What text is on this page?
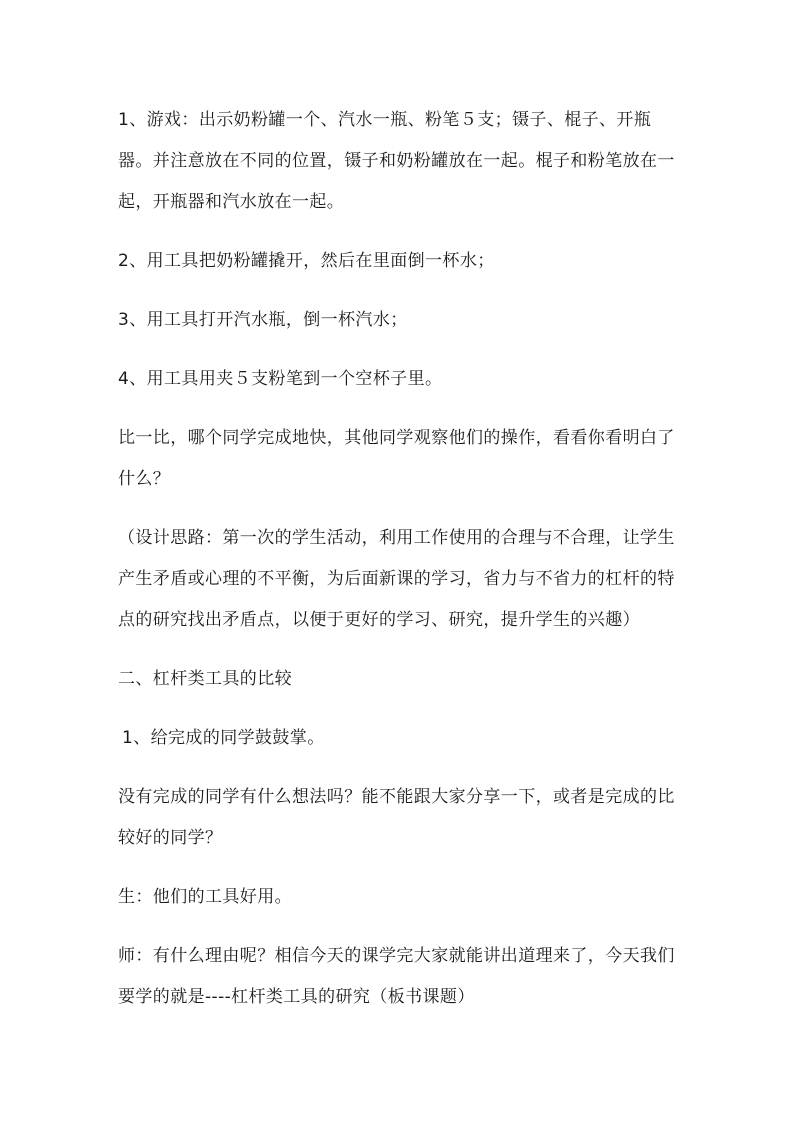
1、游戏：出示奶粉罐一个、汽水一瓶、粉笔５支；镊子、棍子、开瓶器。并注意放在不同的位置，镊子和奶粉罐放在一起。棍子和粉笔放在一起，开瓶器和汽水放在一起。

2、用工具把奶粉罐撬开，然后在里面倒一杯水；

3、用工具打开汽水瓶，倒一杯汽水；

4、用工具用夹５支粉笔到一个空杯子里。

比一比，哪个同学完成地快，其他同学观察他们的操作，看看你看明白了什么？

（设计思路：第一次的学生活动，利用工作使用的合理与不合理，让学生产生矛盾或心理的不平衡，为后面新课的学习，省力与不省力的杠杆的特点的研究找出矛盾点，以便于更好的学习、研究，提升学生的兴趣）

二、杠杆类工具的比较

1、给完成的同学鼓鼓掌。

没有完成的同学有什么想法吗？能不能跟大家分享一下，或者是完成的比较好的同学？

生：他们的工具好用。

师：有什么理由呢？相信今天的课学完大家就能讲出道理来了，今天我们要学的就是----杠杆类工具的研究（板书课题）
